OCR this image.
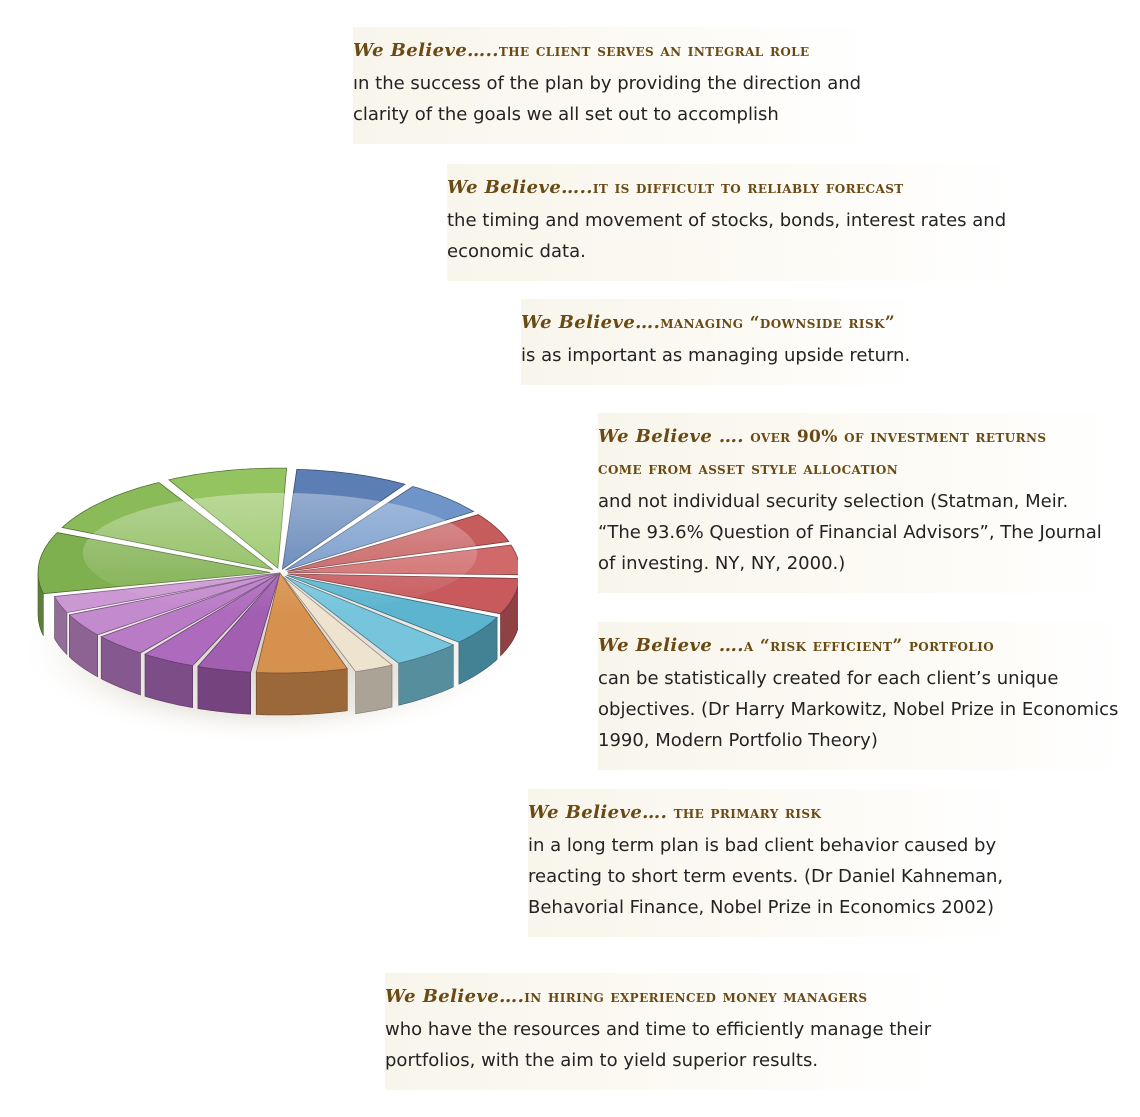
We Believe…..the client serves an integral role
ın the success of the plan by providing the direction and
clarity of the goals we all set out to accomplish
We Believe…..it is difficult to reliably forecast
the timing and movement of stocks, bonds, interest rates and
economic data.
We Believe….managing “downside risk”
is as important as managing upside return.
We Believe …. over 90% of investment returns
come from asset style allocation
and not individual security selection (Statman, Meir.
“The 93.6% Question of Financial Advisors”, The Journal
of investing. NY, NY, 2000.)
We Believe ….a “risk efficient” portfolio
can be statistically created for each client’s unique
objectives. (Dr Harry Markowitz, Nobel Prize in Economics
1990, Modern Portfolio Theory)
We Believe…. the primary risk
in a long term plan is bad client behavior caused by
reacting to short term events. (Dr Daniel Kahneman,
Behavorial Finance, Nobel Prize in Economics 2002)
We Believe….in hiring experienced money managers
who have the resources and time to efficiently manage their
portfolios, with the aim to yield superior results.
